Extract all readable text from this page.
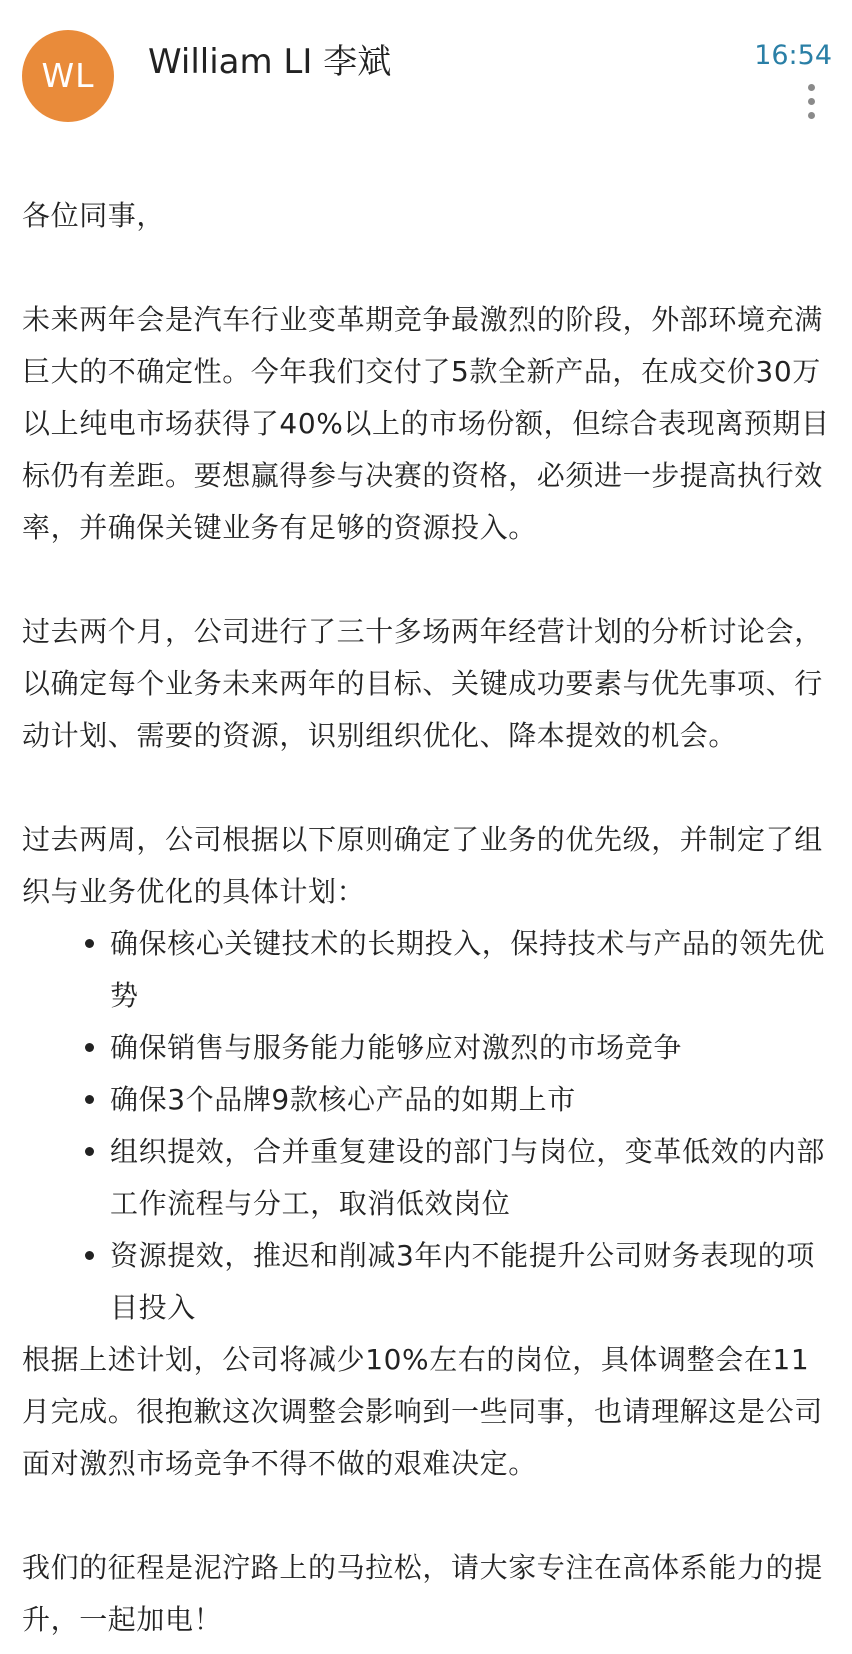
WL	William LI 李斌	16:54

各位同事，

未来两年会是汽车行业变革期竞争最激烈的阶段，外部环境充满巨大的不确定性。今年我们交付了5款全新产品，在成交价30万以上纯电市场获得了40%以上的市场份额，但综合表现离预期目标仍有差距。要想赢得参与决赛的资格，必须进一步提高执行效率，并确保关键业务有足够的资源投入。

过去两个月，公司进行了三十多场两年经营计划的分析讨论会，以确定每个业务未来两年的目标、关键成功要素与优先事项、行动计划、需要的资源，识别组织优化、降本提效的机会。

过去两周，公司根据以下原则确定了业务的优先级，并制定了组织与业务优化的具体计划：

确保核心关键技术的长期投入，保持技术与产品的领先优势
确保销售与服务能力能够应对激烈的市场竞争
确保3个品牌9款核心产品的如期上市
组织提效，合并重复建设的部门与岗位，变革低效的内部工作流程与分工，取消低效岗位
资源提效，推迟和削减3年内不能提升公司财务表现的项目投入

根据上述计划，公司将减少10%左右的岗位，具体调整会在11月完成。很抱歉这次调整会影响到一些同事，也请理解这是公司面对激烈市场竞争不得不做的艰难决定。

我们的征程是泥泞路上的马拉松，请大家专注在高体系能力的提升，一起加电！
